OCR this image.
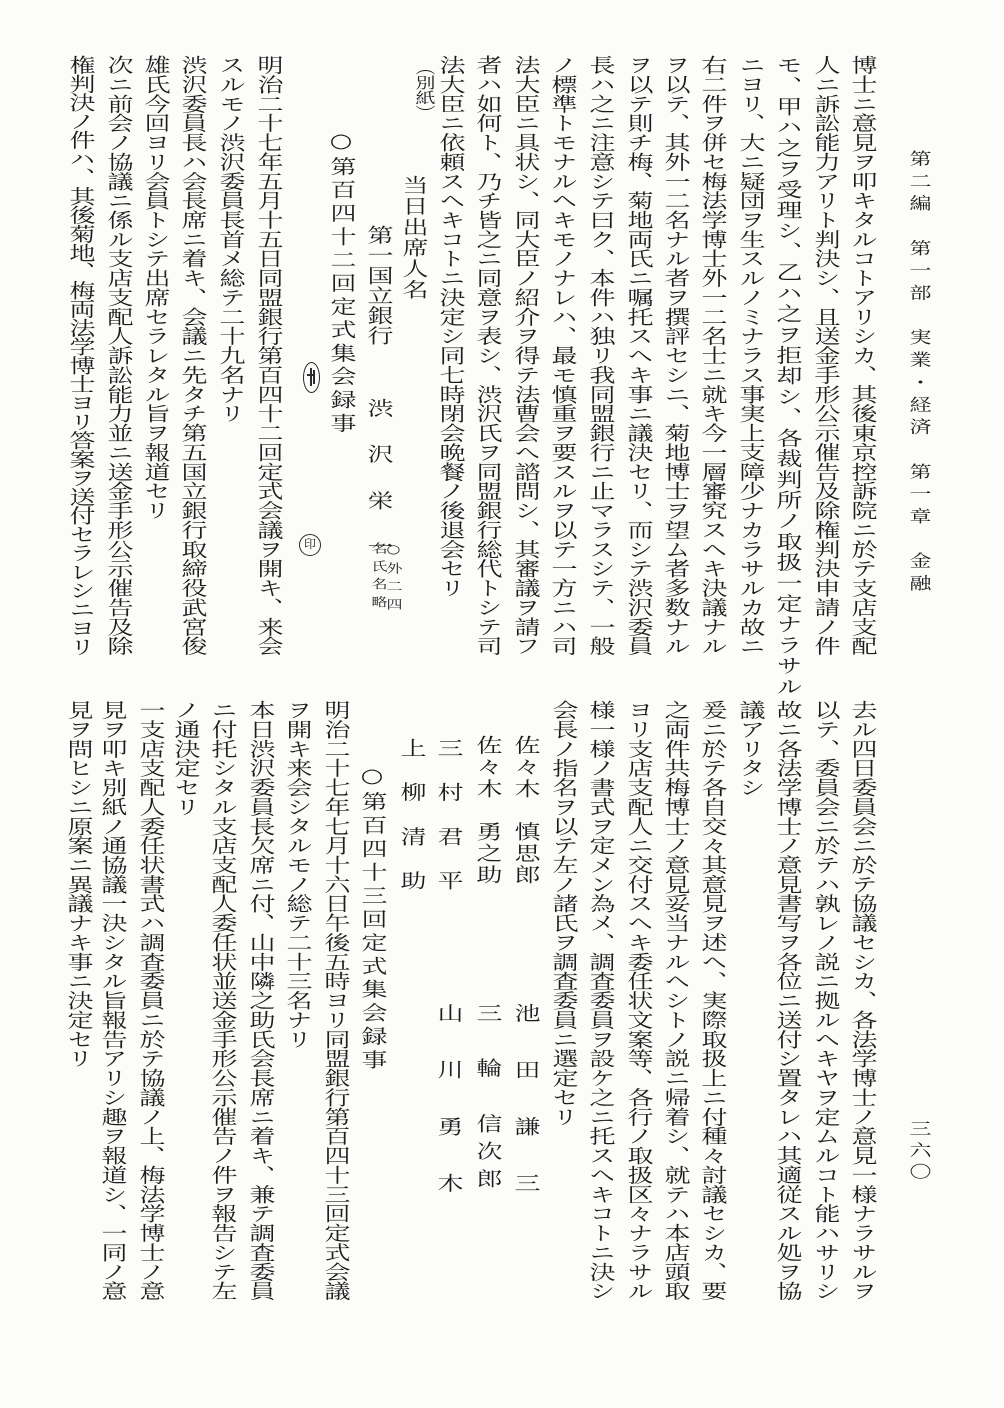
第二編　第一部　実業・経済　第一章　金融
三六〇
博士ニ意見ヲ叩キタルコトアリシカ、其後東京控訴院ニ於テ支店支配
人ニ訴訟能力アリト判決シ、且送金手形公示催告及除権判決申請ノ件
モ、甲ハ之ヲ受理シ、乙ハ之ヲ拒却シ、各裁判所ノ取扱一定ナラサル
ニヨリ、大ニ疑団ヲ生スルノミナラス事実上支障少ナカラサルカ故ニ
右二件ヲ併セ梅法学博士外一二名士ニ就キ今一層審究スヘキ決議ナル
ヲ以テ、其外一二名ナル者ヲ撰評セシニ、菊地博士ヲ望ム者多数ナル
ヲ以テ則チ梅、菊地両氏ニ嘱托スヘキ事ニ議決セリ、而シテ渋沢委員
長ハ之ニ注意シテ曰ク、本件ハ独リ我同盟銀行ニ止マラスシテ、一般
ノ標準トモナルヘキモノナレハ、最モ慎重ヲ要スルヲ以テ一方ニハ司
法大臣ニ具状シ、同大臣ノ紹介ヲ得テ法曹会へ諮問シ、其審議ヲ請フ
者ハ如何ト、乃チ皆之ニ同意ヲ表シ、渋沢氏ヲ同盟銀行総代トシテ司
法大臣ニ依頼スヘキコトニ決定シ同七時閉会晩餐ノ後退会セリ
（別紙）
当日出席人名
第一国立銀行
渋　沢　栄　一
○外二四
名氏名略
○第百四十二回定式集会録事
印
明治二十七年五月十五日同盟銀行第百四十二回定式会議ヲ開キ、来会
スルモノ渋沢委員長首メ総テ二十九名ナリ
渋沢委員長ハ会長席ニ着キ、会議ニ先タチ第五国立銀行取締役武宮俊
雄氏今回ヨリ会員トシテ出席セラレタル旨ヲ報道セリ
次ニ前会ノ協議ニ係ル支店支配人訴訟能力並ニ送金手形公示催告及除
権判決ノ件ハ、其後菊地、梅両法学博士ヨリ答案ヲ送付セラレシニヨリ
去ル四日委員会ニ於テ協議セシカ、各法学博士ノ意見一様ナラサルヲ
以テ、委員会ニ於テハ孰レノ説ニ拠ルヘキヤヲ定ムルコト能ハサリシ
故ニ各法学博士ノ意見書写ヲ各位ニ送付シ置タレハ其適従スル処ヲ協
議アリタシ
爰ニ於テ各自交々其意見ヲ述ヘ、実際取扱上ニ付種々討議セシカ、要
之両件共梅博士ノ意見妥当ナルヘシトノ説ニ帰着シ、就テハ本店頭取
ヨリ支店支配人ニ交付スヘキ委任状文案等、各行ノ取扱区々ナラサル
様一様ノ書式ヲ定メン為メ、調査委員ヲ設ケ之ニ托スヘキコトニ決シ
会長ノ指名ヲ以テ左ノ諸氏ヲ調査委員ニ選定セリ
佐々木　慎思郎
池　田　謙　三
佐々木　勇之助
三　輪　信次郎
三　村　君　平
山　川　勇　木
上　柳　清　助
○第百四十三回定式集会録事
明治二十七年七月十六日午後五時ヨリ同盟銀行第百四十三回定式会議
ヲ開キ来会シタルモノ総テ二十三名ナリ
本日渋沢委員長欠席ニ付、山中隣之助氏会長席ニ着キ、兼テ調査委員
ニ付托シタル支店支配人委任状並送金手形公示催告ノ件ヲ報告シテ左
ノ通決定セリ
一支店支配人委任状書式ハ調査委員ニ於テ協議ノ上、梅法学博士ノ意
見ヲ叩キ別紙ノ通協議一決シタル旨報告アリシ趣ヲ報道シ、一同ノ意
見ヲ問ヒシニ原案ニ異議ナキ事ニ決定セリ
